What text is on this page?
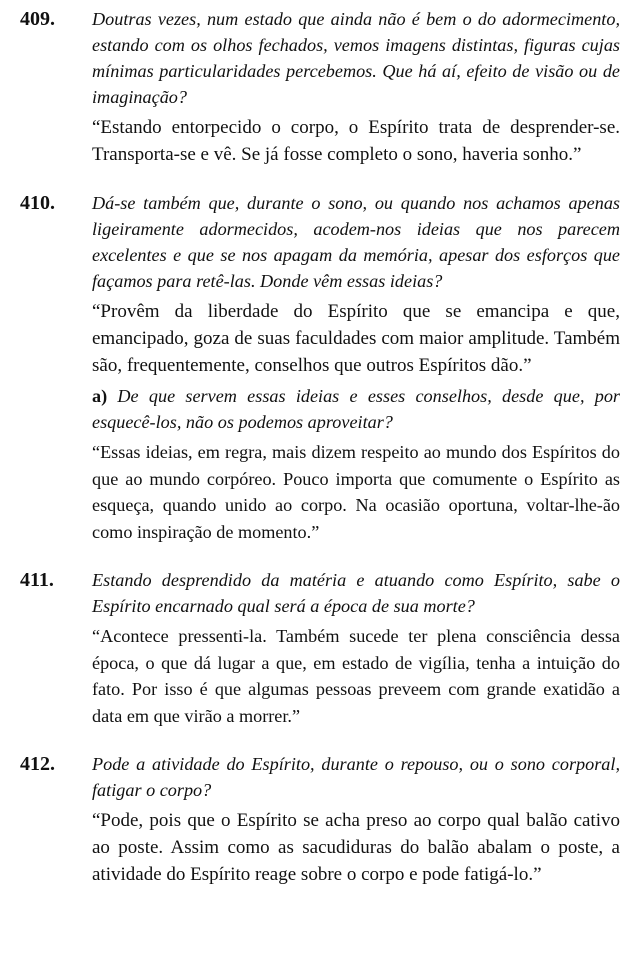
409.	Doutras vezes, num estado que ainda não é bem o do adormecimento, estando com os olhos fechados, vemos imagens distintas, figuras cujas mínimas particularidades percebemos. Que há aí, efeito de visão ou de imaginação?

“Estando entorpecido o corpo, o Espírito trata de desprender-se. Transporta-se e vê. Se já fosse completo o sono, haveria sonho.”

410.	Dá-se também que, durante o sono, ou quando nos achamos apenas ligeiramente adormecidos, acodem-nos ideias que nos parecem excelentes e que se nos apagam da memória, apesar dos esforços que façamos para retê-las. Donde vêm essas ideias?

“Provêm da liberdade do Espírito que se emancipa e que, emancipado, goza de suas faculdades com maior amplitude. Também são, frequentemente, conselhos que outros Espíritos dão.”

a) De que servem essas ideias e esses conselhos, desde que, por esquecê-los, não os podemos aproveitar?

“Essas ideias, em regra, mais dizem respeito ao mundo dos Espíritos do que ao mundo corpóreo. Pouco importa que comumente o Espírito as esqueça, quando unido ao corpo. Na ocasião oportuna, voltar-lhe-ão como inspiração de momento.”

411.	Estando desprendido da matéria e atuando como Espírito, sabe o Espírito encarnado qual será a época de sua morte?

“Acontece pressenti-la. Também sucede ter plena consciência dessa época, o que dá lugar a que, em estado de vigília, tenha a intuição do fato. Por isso é que algumas pessoas preveem com grande exatidão a data em que virão a morrer.”

412.	Pode a atividade do Espírito, durante o repouso, ou o sono corporal, fatigar o corpo?

“Pode, pois que o Espírito se acha preso ao corpo qual balão cativo ao poste. Assim como as sacudiduras do balão abalam o poste, a atividade do Espírito reage sobre o corpo e pode fatigá-lo.”
